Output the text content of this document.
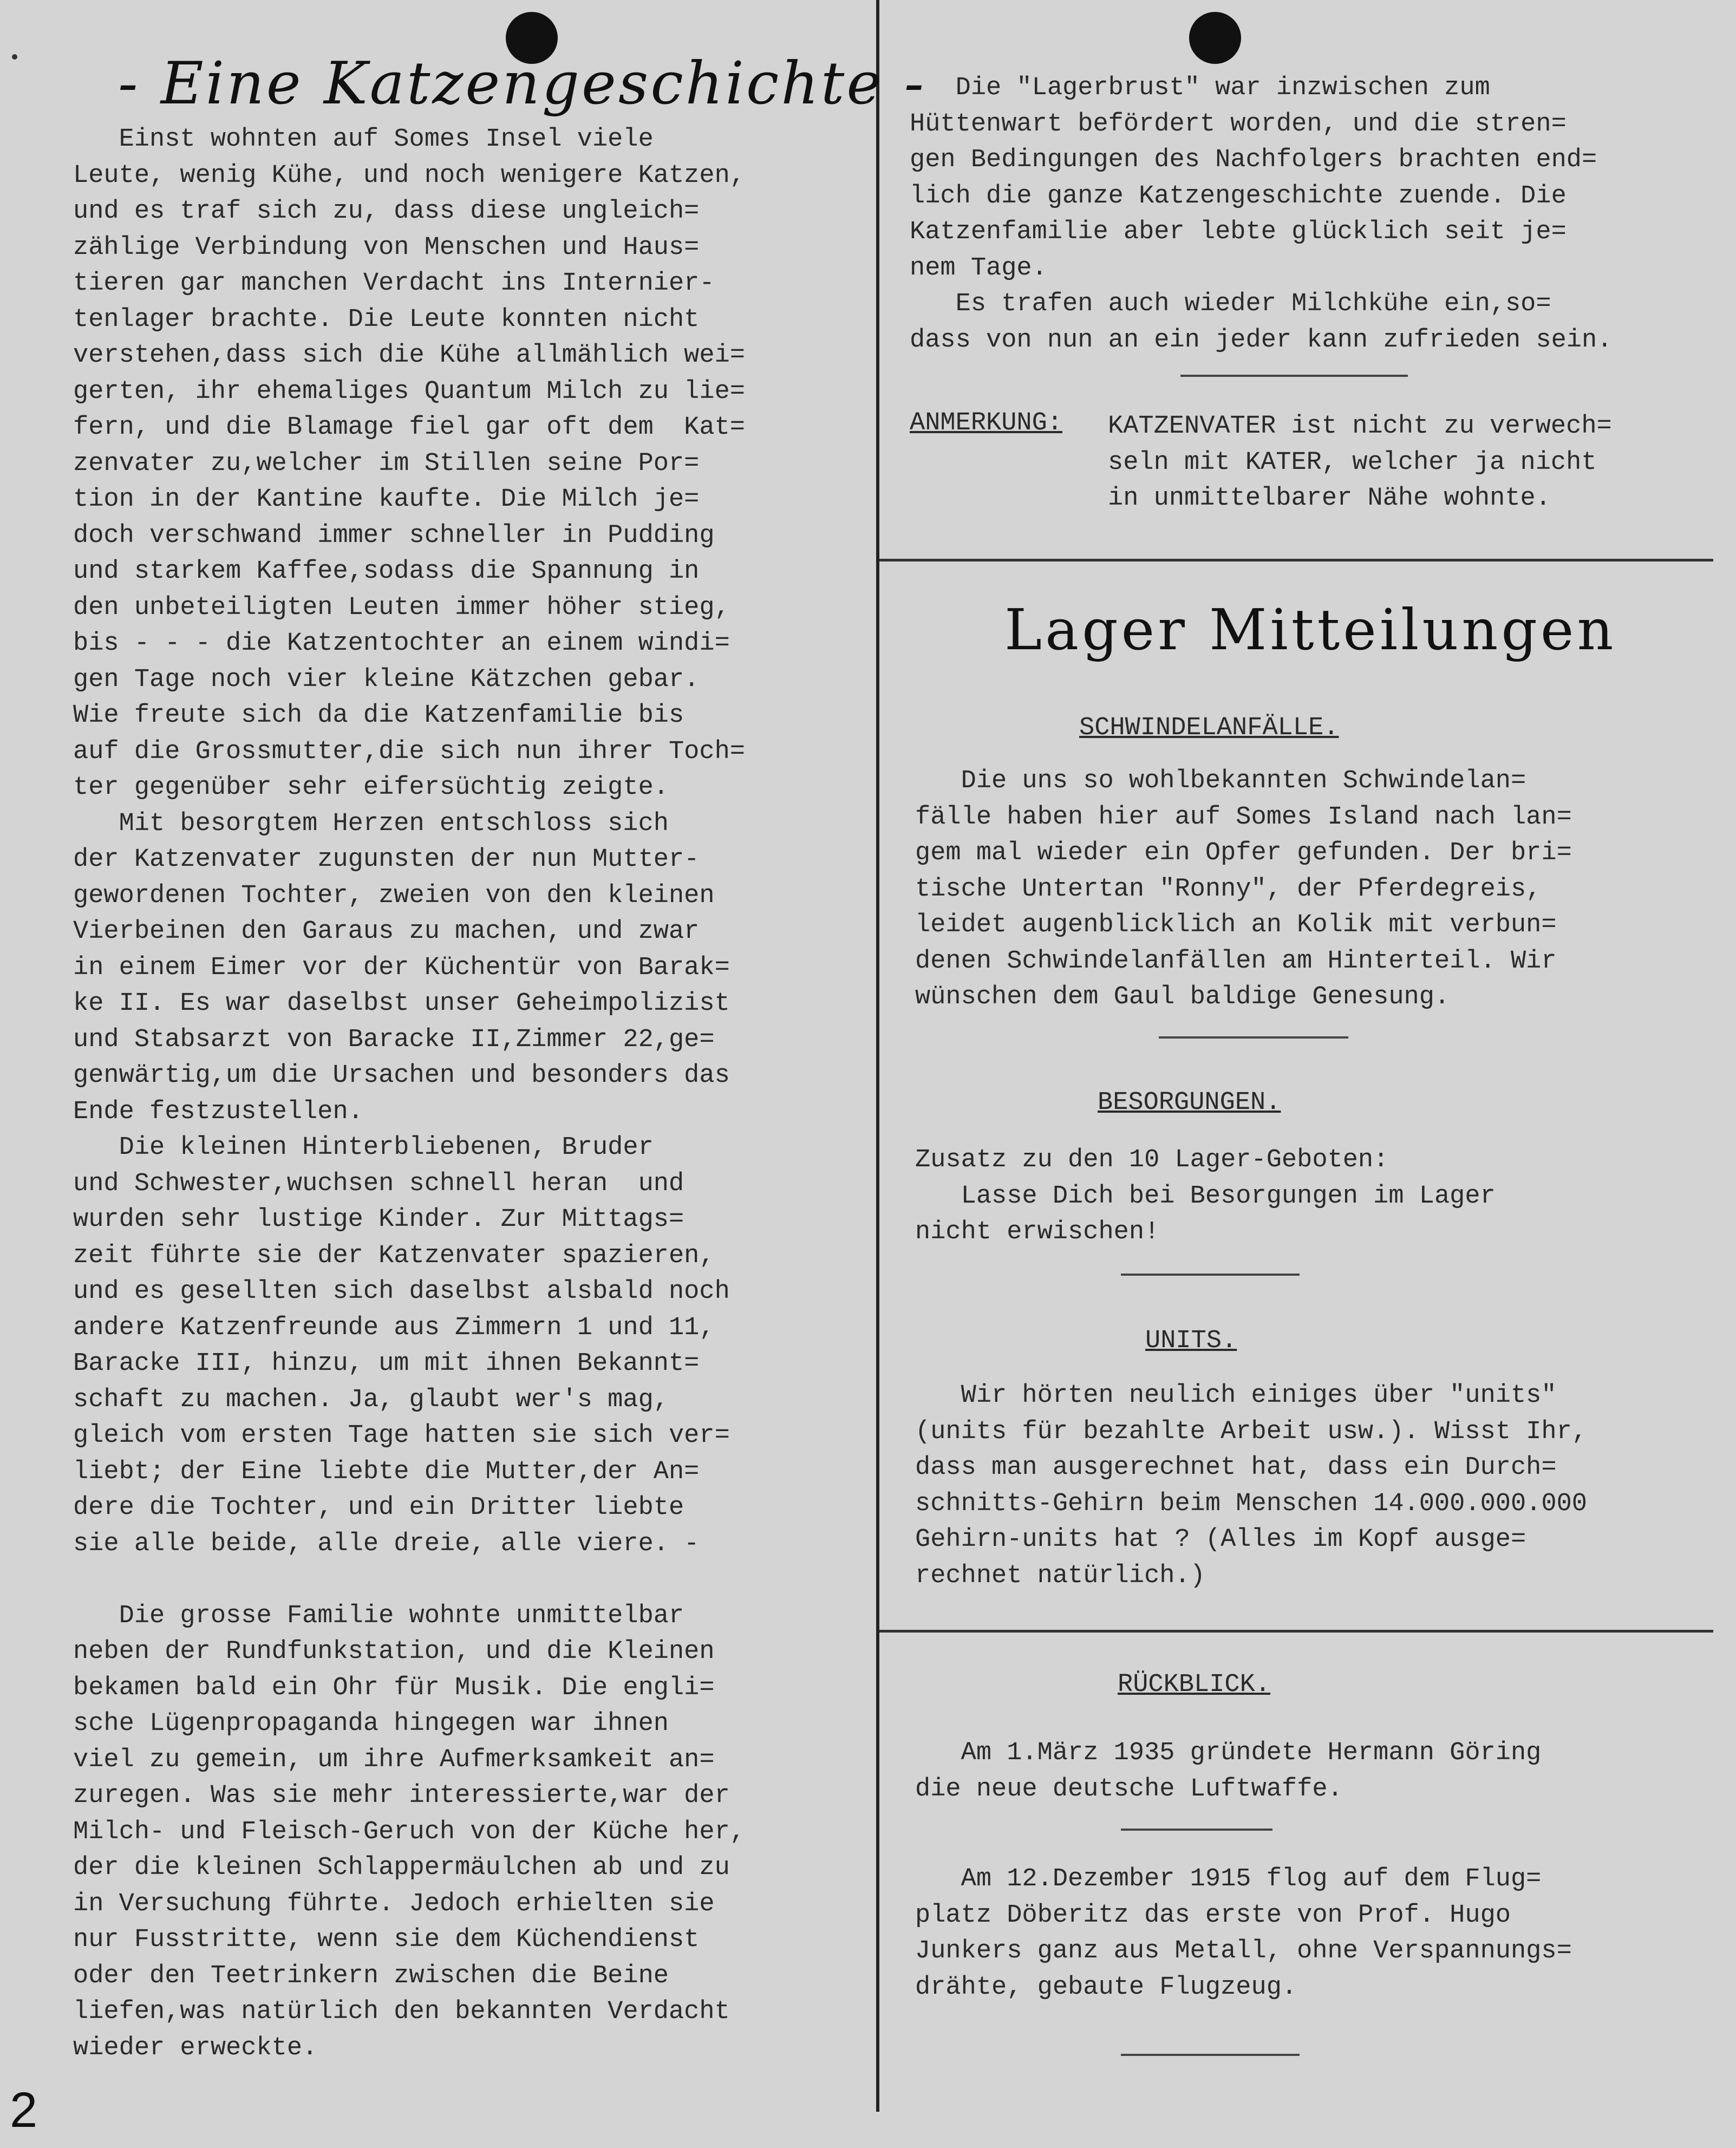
- Eine Katzengeschichte -
Einst wohnten auf Somes Insel viele
Leute, wenig Kühe, und noch wenigere Katzen,
und es traf sich zu, dass diese ungleich=
zählige Verbindung von Menschen und Haus=
tieren gar manchen Verdacht ins Internier-
tenlager brachte. Die Leute konnten nicht
verstehen,dass sich die Kühe allmählich wei=
gerten, ihr ehemaliges Quantum Milch zu lie=
fern, und die Blamage fiel gar oft dem  Kat=
zenvater zu,welcher im Stillen seine Por=
tion in der Kantine kaufte. Die Milch je=
doch verschwand immer schneller in Pudding
und starkem Kaffee,sodass die Spannung in
den unbeteiligten Leuten immer höher stieg,
bis - - - die Katzentochter an einem windi=
gen Tage noch vier kleine Kätzchen gebar.
Wie freute sich da die Katzenfamilie bis
auf die Grossmutter,die sich nun ihrer Toch=
ter gegenüber sehr eifersüchtig zeigte.
Mit besorgtem Herzen entschloss sich
der Katzenvater zugunsten der nun Mutter-
gewordenen Tochter, zweien von den kleinen
Vierbeinen den Garaus zu machen, und zwar
in einem Eimer vor der Küchentür von Barak=
ke II. Es war daselbst unser Geheimpolizist
und Stabsarzt von Baracke II,Zimmer 22,ge=
genwärtig,um die Ursachen und besonders das
Ende festzustellen.
Die kleinen Hinterbliebenen, Bruder
und Schwester,wuchsen schnell heran  und
wurden sehr lustige Kinder. Zur Mittags=
zeit führte sie der Katzenvater spazieren,
und es gesellten sich daselbst alsbald noch
andere Katzenfreunde aus Zimmern 1 und 11,
Baracke III, hinzu, um mit ihnen Bekannt=
schaft zu machen. Ja, glaubt wer's mag,
gleich vom ersten Tage hatten sie sich ver=
liebt; der Eine liebte die Mutter,der An=
dere die Tochter, und ein Dritter liebte
sie alle beide, alle dreie, alle viere. -

Die grosse Familie wohnte unmittelbar
neben der Rundfunkstation, und die Kleinen
bekamen bald ein Ohr für Musik. Die engli=
sche Lügenpropaganda hingegen war ihnen
viel zu gemein, um ihre Aufmerksamkeit an=
zuregen. Was sie mehr interessierte,war der
Milch- und Fleisch-Geruch von der Küche her,
der die kleinen Schlappermäulchen ab und zu
in Versuchung führte. Jedoch erhielten sie
nur Fusstritte, wenn sie dem Küchendienst
oder den Teetrinkern zwischen die Beine
liefen,was natürlich den bekannten Verdacht
wieder erweckte.
Die "Lagerbrust" war inzwischen zum
Hüttenwart befördert worden, und die stren=
gen Bedingungen des Nachfolgers brachten end=
lich die ganze Katzengeschichte zuende. Die
Katzenfamilie aber lebte glücklich seit je=
nem Tage.
Es trafen auch wieder Milchkühe ein,so=
dass von nun an ein jeder kann zufrieden sein.
ANMERKUNG: KATZENVATER ist nicht zu verwech=
seln mit KATER, welcher ja nicht
in unmittelbarer Nähe wohnte.
Lager Mitteilungen
SCHWINDELANFÄLLE.
Die uns so wohlbekannten Schwindelan=
fälle haben hier auf Somes Island nach lan=
gem mal wieder ein Opfer gefunden. Der bri=
tische Untertan "Ronny", der Pferdegreis,
leidet augenblicklich an Kolik mit verbun=
denen Schwindelanfällen am Hinterteil. Wir
wünschen dem Gaul baldige Genesung.
BESORGUNGEN.
Zusatz zu den 10 Lager-Geboten:
Lasse Dich bei Besorgungen im Lager
nicht erwischen!
UNITS.
Wir hörten neulich einiges über "units"
(units für bezahlte Arbeit usw.). Wisst Ihr,
dass man ausgerechnet hat, dass ein Durch=
schnitts-Gehirn beim Menschen 14.000.000.000
Gehirn-units hat ? (Alles im Kopf ausge=
rechnet natürlich.)
RÜCKBLICK.
Am 1.März 1935 gründete Hermann Göring
die neue deutsche Luftwaffe.
Am 12.Dezember 1915 flog auf dem Flug=
platz Döberitz das erste von Prof. Hugo
Junkers ganz aus Metall, ohne Verspannungs=
drähte, gebaute Flugzeug.
2
